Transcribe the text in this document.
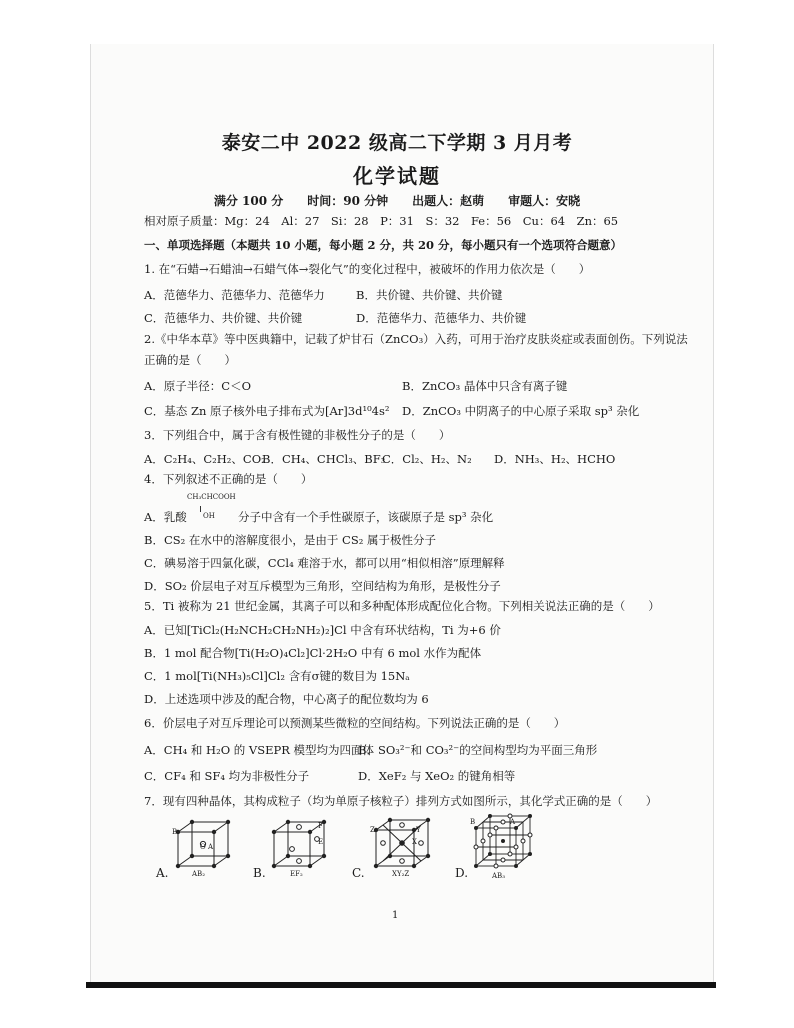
泰安二中 2022 级高二下学期 3 月月考
化学试题
满分 100 分　　时间：90 分钟　　出题人：赵萌　　审题人：安晓
相对原子质量：Mg：24　Al：27　Si：28　P：31　S：32　Fe：56　Cu：64　Zn：65
一、单项选择题（本题共 10 小题，每小题 2 分，共 20 分，每小题只有一个选项符合题意）
1. 在“石蜡→石蜡油→石蜡气体→裂化气”的变化过程中，被破坏的作用力依次是（　　）
A．范德华力、范德华力、范德华力	B．共价键、共价键、共价键
C．范德华力、共价键、共价键	D．范德华力、范德华力、共价键
2.《中华本草》等中医典籍中，记载了炉甘石（ZnCO₃）入药，可用于治疗皮肤炎症或表面创伤。下列说法
正确的是（　　）
A．原子半径：C＜O	B．ZnCO₃ 晶体中只含有离子键
C．基态 Zn 原子核外电子排布式为[Ar]3d¹⁰4s² D．ZnCO₃ 中阴离子的中心原子采取 sp³ 杂化
3．下列组合中，属于含有极性键的非极性分子的是（　　）
A．C₂H₄、C₂H₂、CO₂
B．CH₄、CHCl₃、BF₃
C．Cl₂、H₂、N₂ D．NH₃、H₂、HCHO
4．下列叙述不正确的是（　　）
CH₃CHCOOH
A．乳酸 OH 分子中含有一个手性碳原子，该碳原子是 sp³ 杂化
B．CS₂ 在水中的溶解度很小，是由于 CS₂ 属于极性分子
C．碘易溶于四氯化碳，CCl₄ 难溶于水，都可以用“相似相溶”原理解释
D．SO₂ 价层电子对互斥模型为三角形，空间结构为角形，是极性分子
5．Ti 被称为 21 世纪金属，其离子可以和多种配体形成配位化合物。下列相关说法正确的是（　　）
A．已知[TiCl₂(H₂NCH₂CH₂NH₂)₂]Cl 中含有环状结构，Ti 为+6 价
B．1 mol 配合物[Ti(H₂O)₄Cl₂]Cl·2H₂O 中有 6 mol 水作为配体
C．1 mol[Ti(NH₃)₅Cl]Cl₂ 含有σ键的数目为 15Nₐ
D．上述选项中涉及的配合物，中心离子的配位数均为 6
6．价层电子对互斥理论可以预测某些微粒的空间结构。下列说法正确的是（　　）
A．CH₄ 和 H₂O 的 VSEPR 模型均为四面体
B．SO₃²⁻和 CO₃²⁻的空间构型均为平面三角形
C．CF₄ 和 SF₄ 均为非极性分子	D．XeF₂ 与 XeO₂ 的键角相等
7．现有四种晶体，其构成粒子（均为单原子核粒子）排列方式如图所示，其化学式正确的是（　　）
A.
B
O A
AB₂	B.
F
E
EF₂	C.
Z	Y
X
XY₂Z	D.
B	A
AB₃
1
